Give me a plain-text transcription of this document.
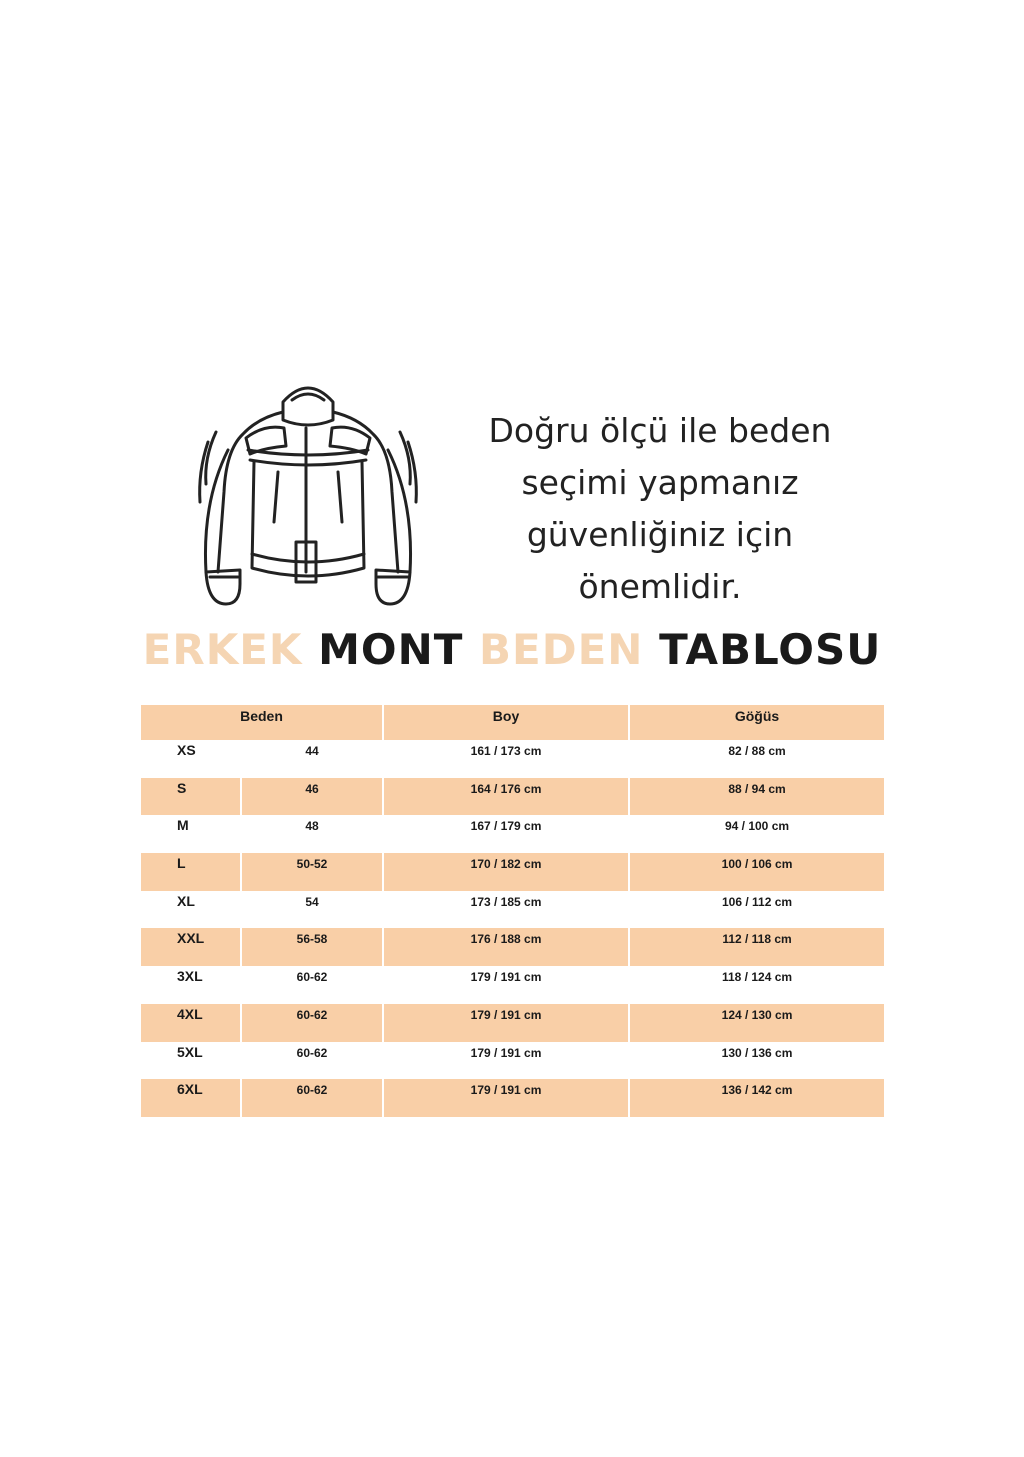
Doğru ölçü ile beden
seçimi yapmanız
güvenliğiniz için
önemlidir.
ERKEK MONT BEDEN TABLOSU
Beden		Boy	Göğüs
XS	44	161 / 173 cm	82 / 88 cm
S	46	164 / 176 cm	88 / 94 cm
M	48	167 / 179 cm	94 / 100 cm
L	50-52	170 / 182 cm	100 / 106 cm
XL	54	173 / 185 cm	106 / 112 cm
XXL	56-58	176 / 188 cm	112 / 118 cm
3XL	60-62	179 / 191 cm	118 / 124 cm
4XL	60-62	179 / 191 cm	124 / 130 cm
5XL	60-62	179 / 191 cm	130 / 136 cm
6XL	60-62	179 / 191 cm	136 / 142 cm
